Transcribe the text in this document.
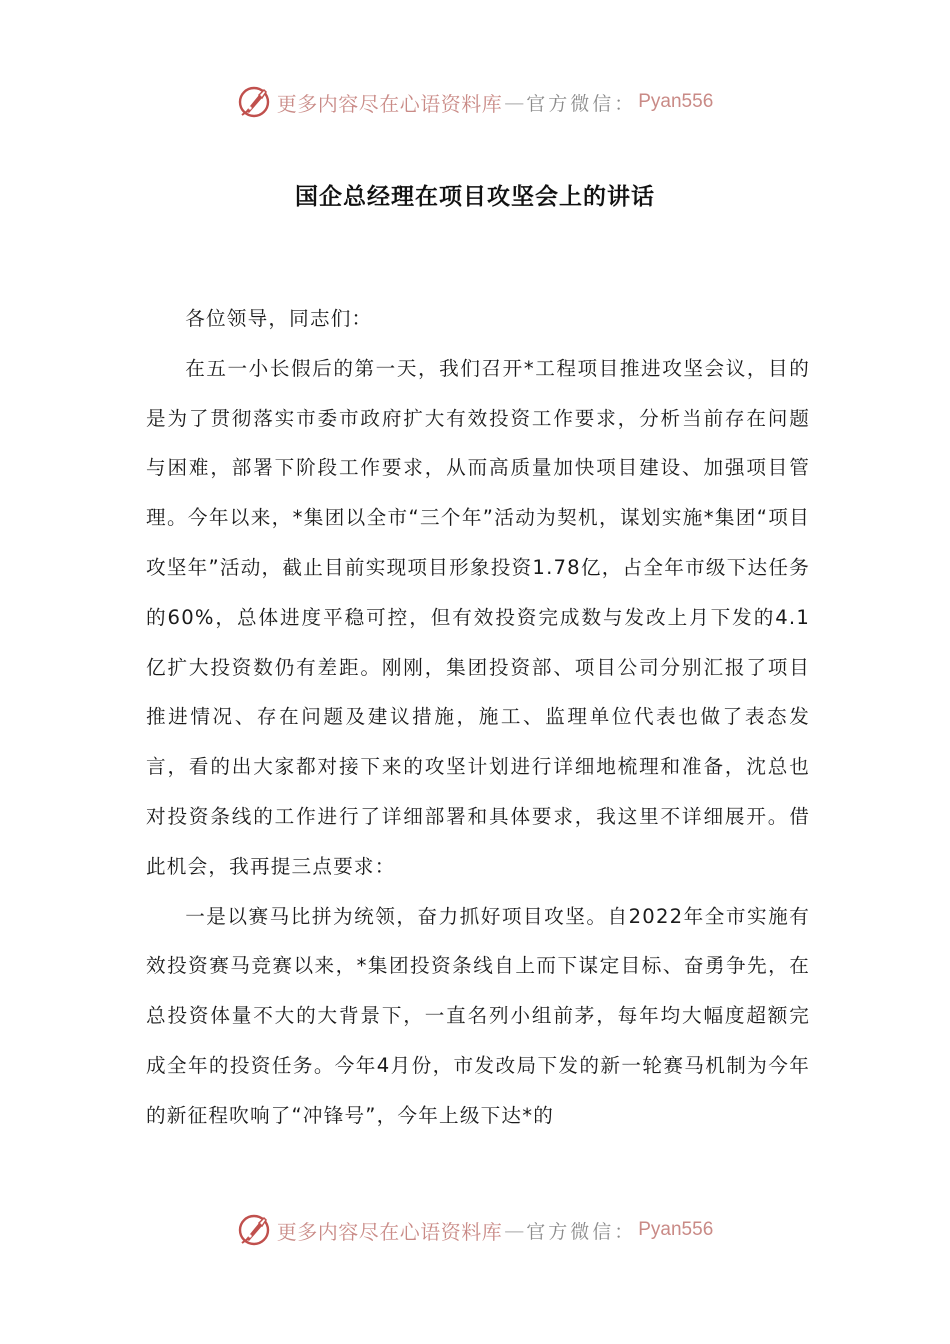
更多内容尽在心语资料库 — 官方微信： Pyan556
国企总经理在项目攻坚会上的讲话

各位领导，同志们：

在五一小长假后的第一天，我们召开*工程项目推进攻坚会议，目的是为了贯彻落实市委市政府扩大有效投资工作要求，分析当前存在问题与困难，部署下阶段工作要求，从而高质量加快项目建设、加强项目管理。今年以来，*集团以全市“三个年”活动为契机，谋划实施*集团“项目攻坚年”活动，截止目前实现项目形象投资1.78亿，占全年市级下达任务的60%，总体进度平稳可控，但有效投资完成数与发改上月下发的4.1亿扩大投资数仍有差距。刚刚，集团投资部、项目公司分别汇报了项目推进情况、存在问题及建议措施，施工、监理单位代表也做了表态发言，看的出大家都对接下来的攻坚计划进行详细地梳理和准备，沈总也对投资条线的工作进行了详细部署和具体要求，我这里不详细展开。借此机会，我再提三点要求：

一是以赛马比拼为统领，奋力抓好项目攻坚。自2022年全市实施有效投资赛马竞赛以来，*集团投资条线自上而下谋定目标、奋勇争先，在总投资体量不大的大背景下，一直名列小组前茅，每年均大幅度超额完成全年的投资任务。今年4月份，市发改局下发的新一轮赛马机制为今年的新征程吹响了“冲锋号”，今年上级下达*的

更多内容尽在心语资料库 — 官方微信： Pyan556
